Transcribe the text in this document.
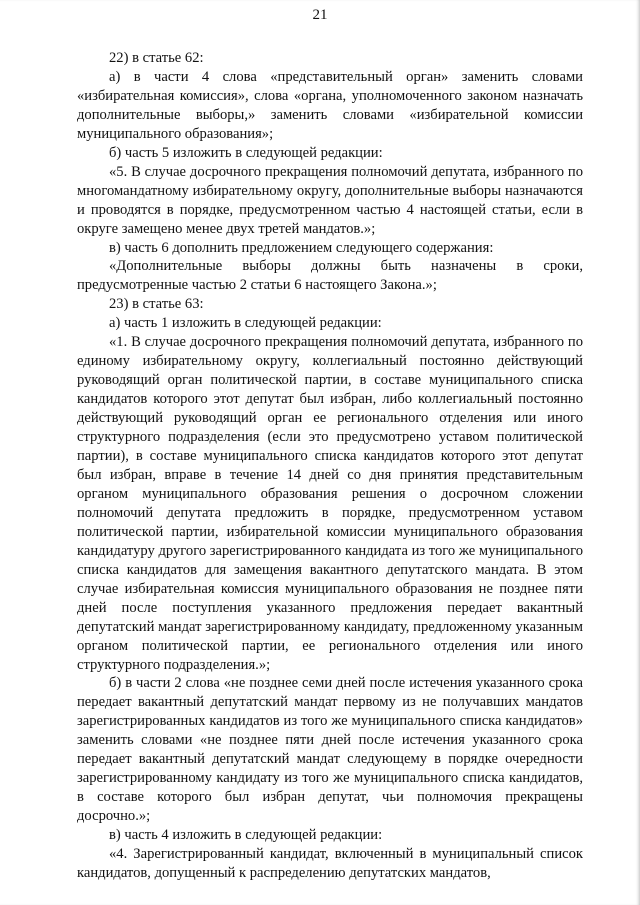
21

22) в статье 62:

а) в части 4 слова «представительный орган» заменить словами «избирательная комиссия», слова «органа, уполномоченного законом назначать дополнительные выборы,» заменить словами «избирательной комиссии муниципального образования»;

б) часть 5 изложить в следующей редакции:

«5. В случае досрочного прекращения полномочий депутата, избранного по многомандатному избирательному округу, дополнительные выборы назначаются и проводятся в порядке, предусмотренном частью 4 настоящей статьи, если в округе замещено менее двух третей мандатов.»;

в) часть 6 дополнить предложением следующего содержания:

«Дополнительные выборы должны быть назначены в сроки, предусмотренные частью 2 статьи 6 настоящего Закона.»;

23) в статье 63:

а) часть 1 изложить в следующей редакции:

«1. В случае досрочного прекращения полномочий депутата, избранного по единому избирательному округу, коллегиальный постоянно действующий руководящий орган политической партии, в составе муниципального списка кандидатов которого этот депутат был избран, либо коллегиальный постоянно действующий руководящий орган ее регионального отделения или иного структурного подразделения (если это предусмотрено уставом политической партии), в составе муниципального списка кандидатов которого этот депутат был избран, вправе в течение 14 дней со дня принятия представительным органом муниципального образования решения о досрочном сложении полномочий депутата предложить в порядке, предусмотренном уставом политической партии, избирательной комиссии муниципального образования кандидатуру другого зарегистрированного кандидата из того же муниципального списка кандидатов для замещения вакантного депутатского мандата. В этом случае избирательная комиссия муниципального образования не позднее пяти дней после поступления указанного предложения передает вакантный депутатский мандат зарегистрированному кандидату, предложенному указанным органом политической партии, ее регионального отделения или иного структурного подразделения.»;

б) в части 2 слова «не позднее семи дней после истечения указанного срока передает вакантный депутатский мандат первому из не получавших мандатов зарегистрированных кандидатов из того же муниципального списка кандидатов» заменить словами «не позднее пяти дней после истечения указанного срока передает вакантный депутатский мандат следующему в порядке очередности зарегистрированному кандидату из того же муниципального списка кандидатов, в составе которого был избран депутат, чьи полномочия прекращены досрочно.»;

в) часть 4 изложить в следующей редакции:

«4. Зарегистрированный кандидат, включенный в муниципальный список кандидатов, допущенный к распределению депутатских мандатов,
